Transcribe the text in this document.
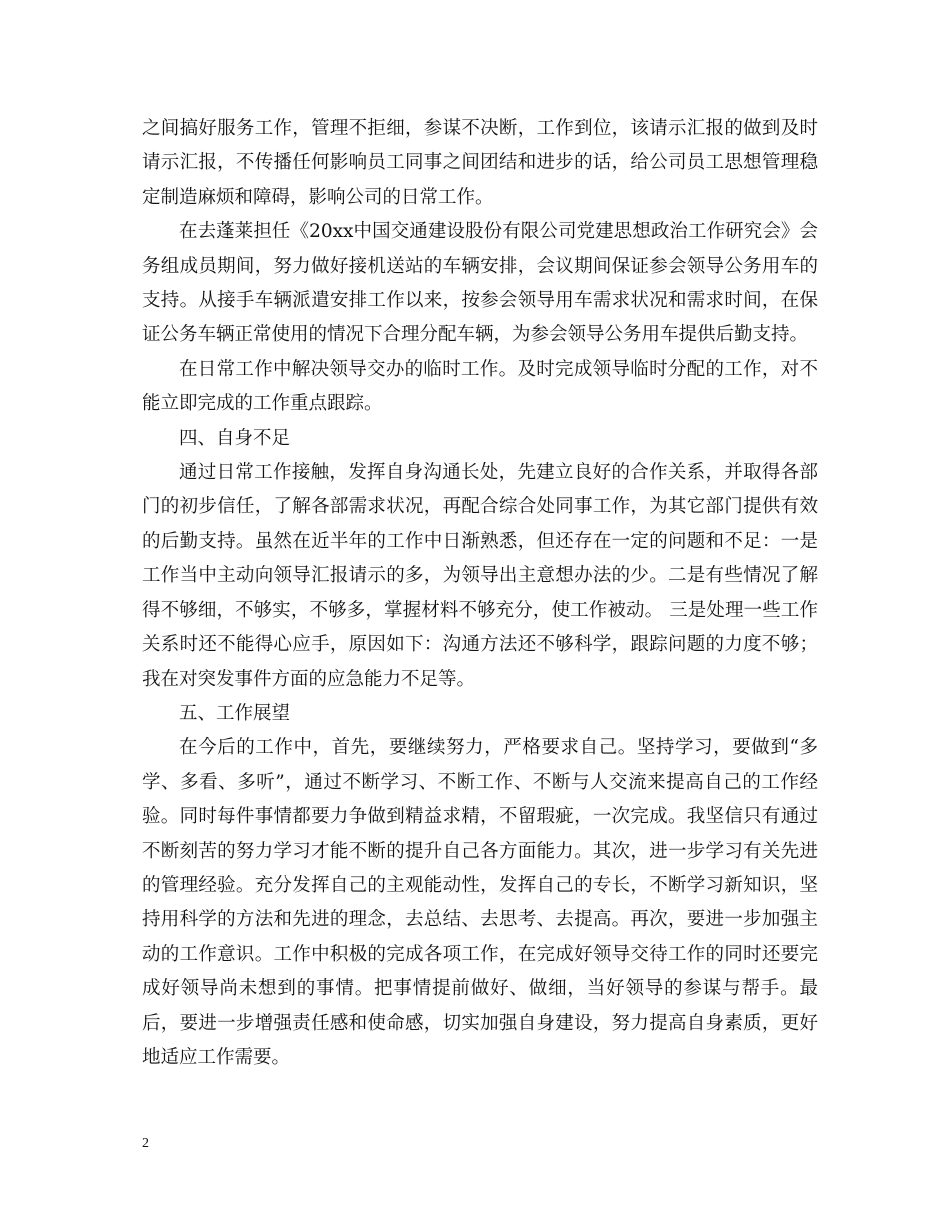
之间搞好服务工作，管理不拒细，参谋不决断，工作到位，该请示汇报的做到及时请示汇报，不传播任何影响员工同事之间团结和进步的话，给公司员工思想管理稳定制造麻烦和障碍，影响公司的日常工作。

在去蓬莱担任《20xx中国交通建设股份有限公司党建思想政治工作研究会》会务组成员期间，努力做好接机送站的车辆安排，会议期间保证参会领导公务用车的支持。从接手车辆派遣安排工作以来，按参会领导用车需求状况和需求时间，在保证公务车辆正常使用的情况下合理分配车辆，为参会领导公务用车提供后勤支持。

在日常工作中解决领导交办的临时工作。及时完成领导临时分配的工作，对不能立即完成的工作重点跟踪。

四、自身不足

通过日常工作接触，发挥自身沟通长处，先建立良好的合作关系，并取得各部门的初步信任，了解各部需求状况，再配合综合处同事工作，为其它部门提供有效的后勤支持。虽然在近半年的工作中日渐熟悉，但还存在一定的问题和不足：一是工作当中主动向领导汇报请示的多，为领导出主意想办法的少。二是有些情况了解得不够细，不够实，不够多，掌握材料不够充分，使工作被动。 三是处理一些工作关系时还不能得心应手，原因如下：沟通方法还不够科学，跟踪问题的力度不够；我在对突发事件方面的应急能力不足等。

五、工作展望

在今后的工作中，首先，要继续努力，严格要求自己。坚持学习，要做到“多学、多看、多听”，通过不断学习、不断工作、不断与人交流来提高自己的工作经验。同时每件事情都要力争做到精益求精，不留瑕疵，一次完成。我坚信只有通过不断刻苦的努力学习才能不断的提升自己各方面能力。其次，进一步学习有关先进的管理经验。充分发挥自己的主观能动性，发挥自己的专长，不断学习新知识，坚持用科学的方法和先进的理念，去总结、去思考、去提高。再次，要进一步加强主动的工作意识。工作中积极的完成各项工作，在完成好领导交待工作的同时还要完成好领导尚未想到的事情。把事情提前做好、做细，当好领导的参谋与帮手。最后，要进一步增强责任感和使命感，切实加强自身建设，努力提高自身素质，更好地适应工作需要。

2
